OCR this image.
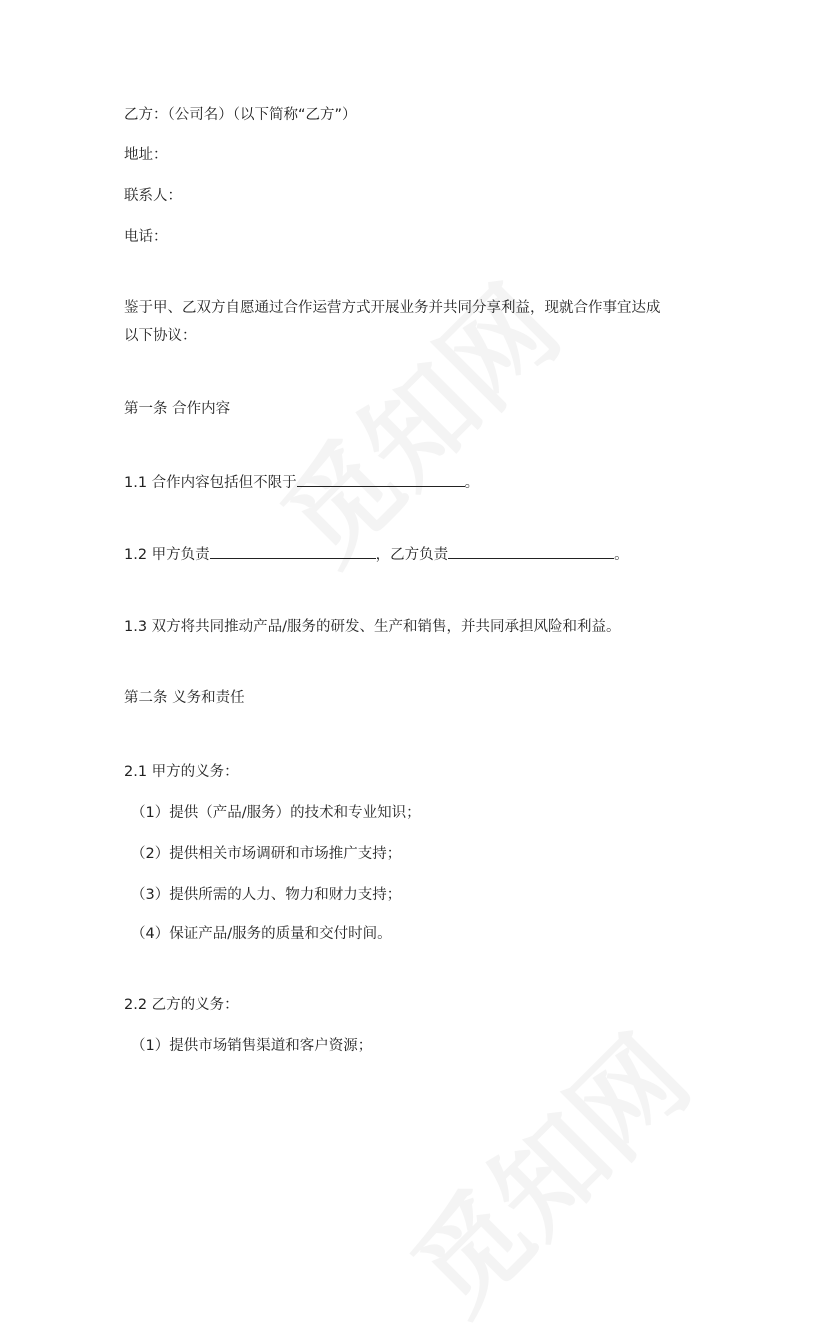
乙方：（公司名）（以下简称“乙方”）
地址：
联系人：
电话：
鉴于甲、乙双方自愿通过合作运营方式开展业务并共同分享利益，现就合作事宜达成
以下协议：
第一条 合作内容
1.1 合作内容包括但不限于	。
1.2 甲方负责	，乙方负责	。
1.3 双方将共同推动产品/服务的研发、生产和销售，并共同承担风险和利益。
第二条 义务和责任
2.1 甲方的义务：
（1）提供（产品/服务）的技术和专业知识；
（2）提供相关市场调研和市场推广支持；
（3）提供所需的人力、物力和财力支持；
（4）保证产品/服务的质量和交付时间。
2.2 乙方的义务：
（1）提供市场销售渠道和客户资源；
